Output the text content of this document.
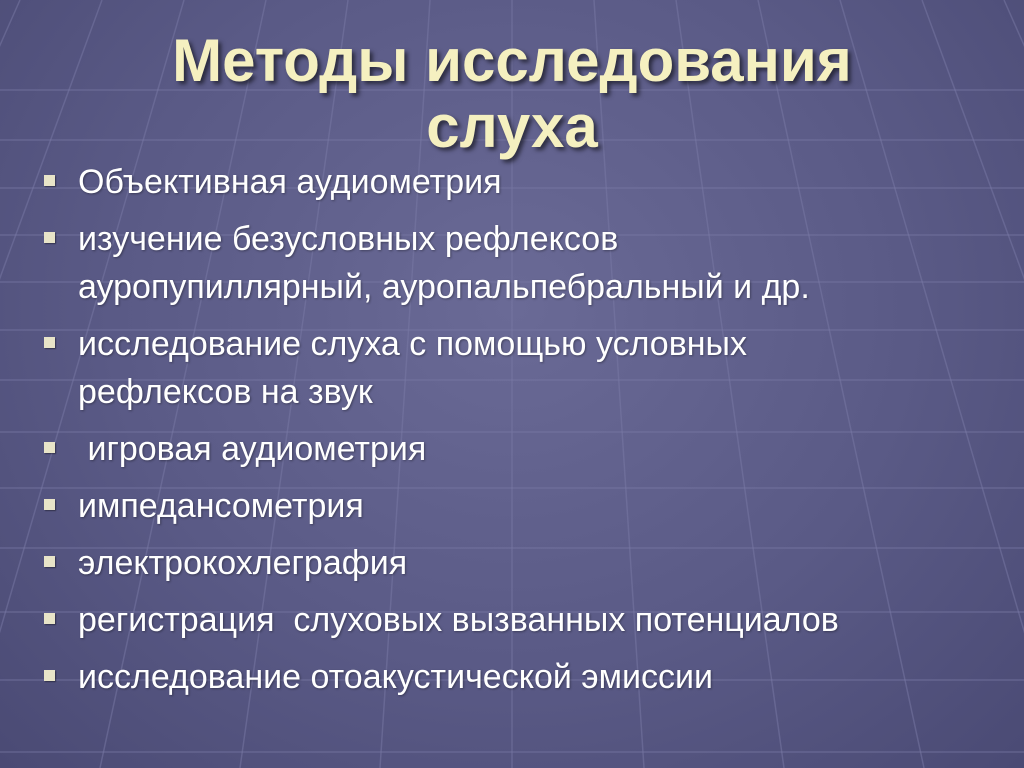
Методы исследования
слуха
Объективная аудиометрия
изучение безусловных рефлексов
ауропупиллярный, ауропальпебральный и др.
исследование слуха с помощью условных
рефлексов на звук
игровая аудиометрия
импедансометрия
электрокохлеграфия
регистрация  слуховых вызванных потенциалов
исследование отоакустической эмиссии
